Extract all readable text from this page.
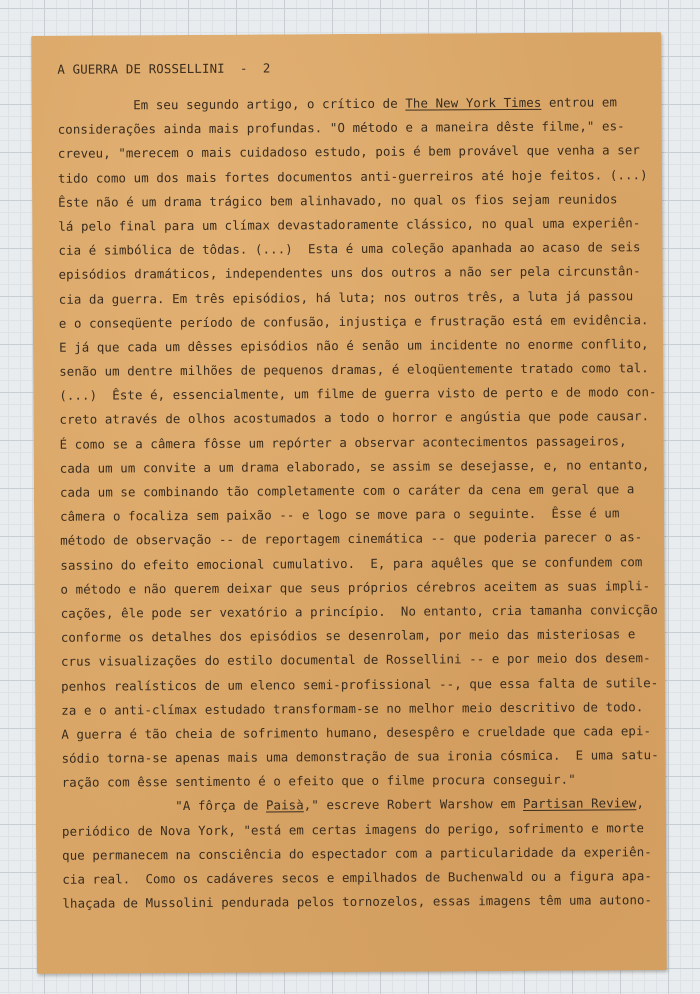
A GUERRA DE ROSSELLINI  -  2
Em seu segundo artigo, o crítico de The New York Times entrou em
considerações ainda mais profundas. "O método e a maneira dêste filme," es-
creveu, "merecem o mais cuidadoso estudo, pois é bem provável que venha a ser
tido como um dos mais fortes documentos anti-guerreiros até hoje feitos. (...)
Êste não é um drama trágico bem alinhavado, no qual os fios sejam reunidos
lá pelo final para um clímax devastadoramente clássico, no qual uma experiên-
cia é simbólica de tôdas. (...)  Esta é uma coleção apanhada ao acaso de seis
episódios dramáticos, independentes uns dos outros a não ser pela circunstân-
cia da guerra. Em três episódios, há luta; nos outros três, a luta já passou
e o conseqüente período de confusão, injustiça e frustração está em evidência.
E já que cada um dêsses episódios não é senão um incidente no enorme conflito,
senão um dentre milhões de pequenos dramas, é eloqüentemente tratado como tal.
(...)  Êste é, essencialmente, um filme de guerra visto de perto e de modo con-
creto através de olhos acostumados a todo o horror e angústia que pode causar.
É como se a câmera fôsse um repórter a observar acontecimentos passageiros,
cada um um convite a um drama elaborado, se assim se desejasse, e, no entanto,
cada um se combinando tão completamente com o caráter da cena em geral que a
câmera o focaliza sem paixão -- e logo se move para o seguinte.  Êsse é um
método de observação -- de reportagem cinemática -- que poderia parecer o as-
sassino do efeito emocional cumulativo.  E, para aquêles que se confundem com
o método e não querem deixar que seus próprios cérebros aceitem as suas impli-
cações, êle pode ser vexatório a princípio.  No entanto, cria tamanha convicção
conforme os detalhes dos episódios se desenrolam, por meio das misteriosas e
crus visualizações do estilo documental de Rossellini -- e por meio dos desem-
penhos realísticos de um elenco semi-profissional --, que essa falta de sutile-
za e o anti-clímax estudado transformam-se no melhor meio descritivo de todo.
A guerra é tão cheia de sofrimento humano, desespêro e crueldade que cada epi-
sódio torna-se apenas mais uma demonstração de sua ironia cósmica.  E uma satu-
ração com êsse sentimento é o efeito que o filme procura conseguir."
"A fôrça de Paisà," escreve Robert Warshow em Partisan Review,
periódico de Nova York, "está em certas imagens do perigo, sofrimento e morte
que permanecem na consciência do espectador com a particularidade da experiên-
cia real.  Como os cadáveres secos e empilhados de Buchenwald ou a figura apa-
lhaçada de Mussolini pendurada pelos tornozelos, essas imagens têm uma autono-
